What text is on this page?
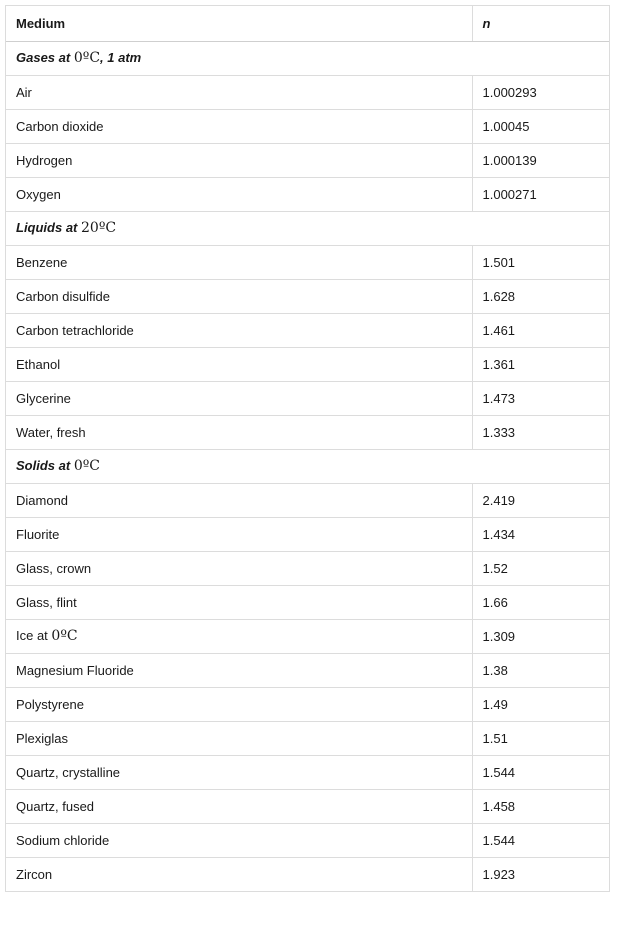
Medium	n
Gases at 0ºC, 1 atm	
Air	1.000293
Carbon dioxide	1.00045
Hydrogen	1.000139
Oxygen	1.000271
Liquids at 20ºC	
Benzene	1.501
Carbon disulfide	1.628
Carbon tetrachloride	1.461
Ethanol	1.361
Glycerine	1.473
Water, fresh	1.333
Solids at 0ºC	
Diamond	2.419
Fluorite	1.434
Glass, crown	1.52
Glass, flint	1.66
Ice at 0ºC	1.309
Magnesium Fluoride	1.38
Polystyrene	1.49
Plexiglas	1.51
Quartz, crystalline	1.544
Quartz, fused	1.458
Sodium chloride	1.544
Zircon	1.923
